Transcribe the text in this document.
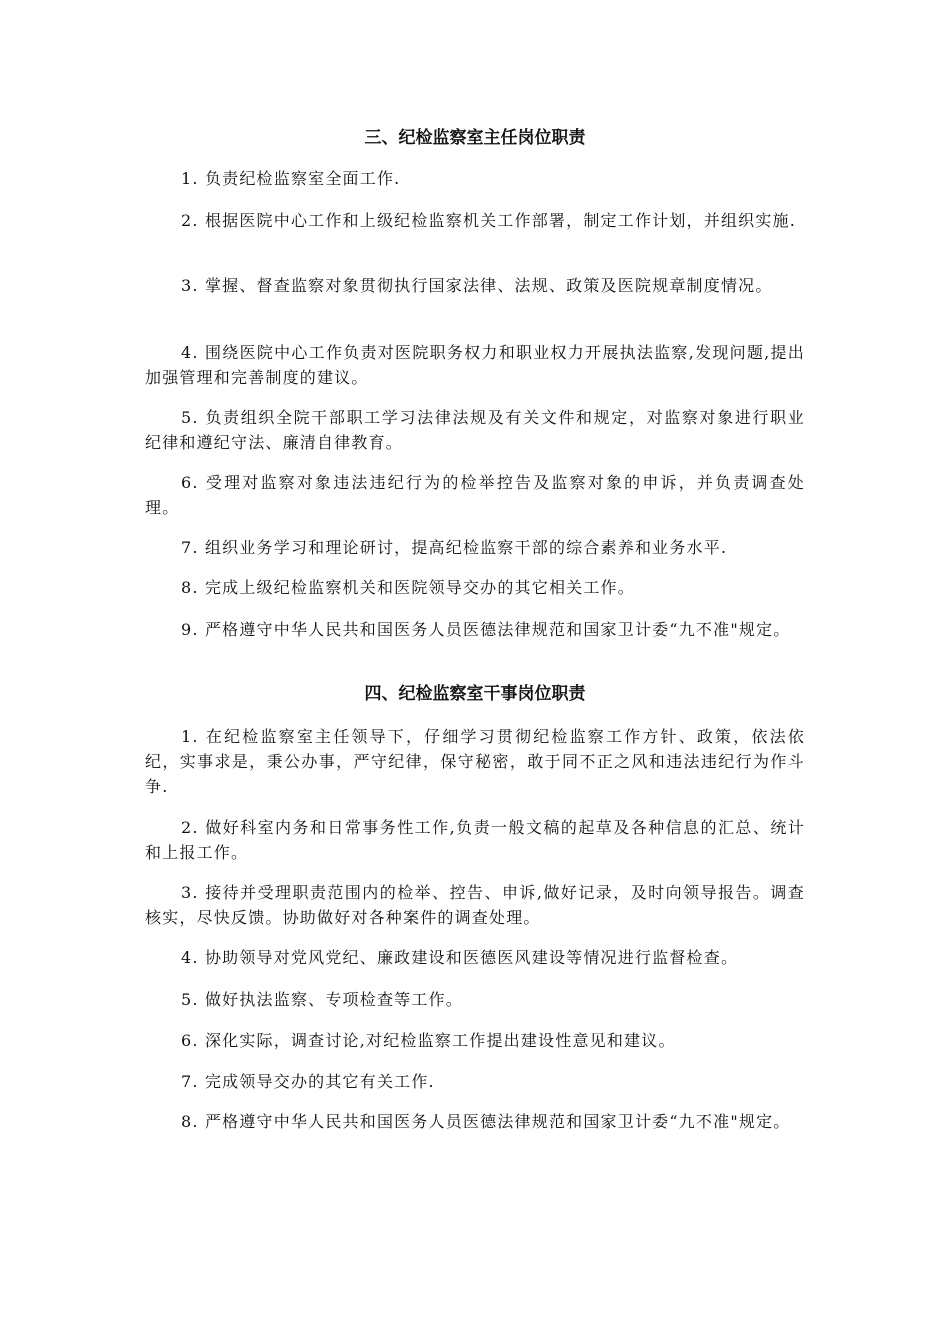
三、纪检监察室主任岗位职责
1. 负责纪检监察室全面工作.
2. 根据医院中心工作和上级纪检监察机关工作部署，制定工作计划，并组织实施.
3. 掌握、督查监察对象贯彻执行国家法律、法规、政策及医院规章制度情况。
4. 围绕医院中心工作负责对医院职务权力和职业权力开展执法监察,发现问题,提出加强管理和完善制度的建议。
5. 负责组织全院干部职工学习法律法规及有关文件和规定，对监察对象进行职业纪律和遵纪守法、廉清自律教育。
6. 受理对监察对象违法违纪行为的检举控告及监察对象的申诉，并负责调查处理。
7. 组织业务学习和理论研讨，提高纪检监察干部的综合素养和业务水平.
8. 完成上级纪检监察机关和医院领导交办的其它相关工作。
9. 严格遵守中华人民共和国医务人员医德法律规范和国家卫计委“九不准"规定。
四、纪检监察室干事岗位职责
1. 在纪检监察室主任领导下，仔细学习贯彻纪检监察工作方针、政策，依法依纪，实事求是，秉公办事，严守纪律，保守秘密，敢于同不正之风和违法违纪行为作斗争.
2. 做好科室内务和日常事务性工作,负责一般文稿的起草及各种信息的汇总、统计和上报工作。
3. 接待并受理职责范围内的检举、控告、申诉,做好记录，及时向领导报告。调查核实，尽快反馈。协助做好对各种案件的调查处理。
4. 协助领导对党风党纪、廉政建设和医德医风建设等情况进行监督检查。
5. 做好执法监察、专项检查等工作。
6. 深化实际，调查讨论,对纪检监察工作提出建设性意见和建议。
7. 完成领导交办的其它有关工作.
8. 严格遵守中华人民共和国医务人员医德法律规范和国家卫计委“九不准"规定。
